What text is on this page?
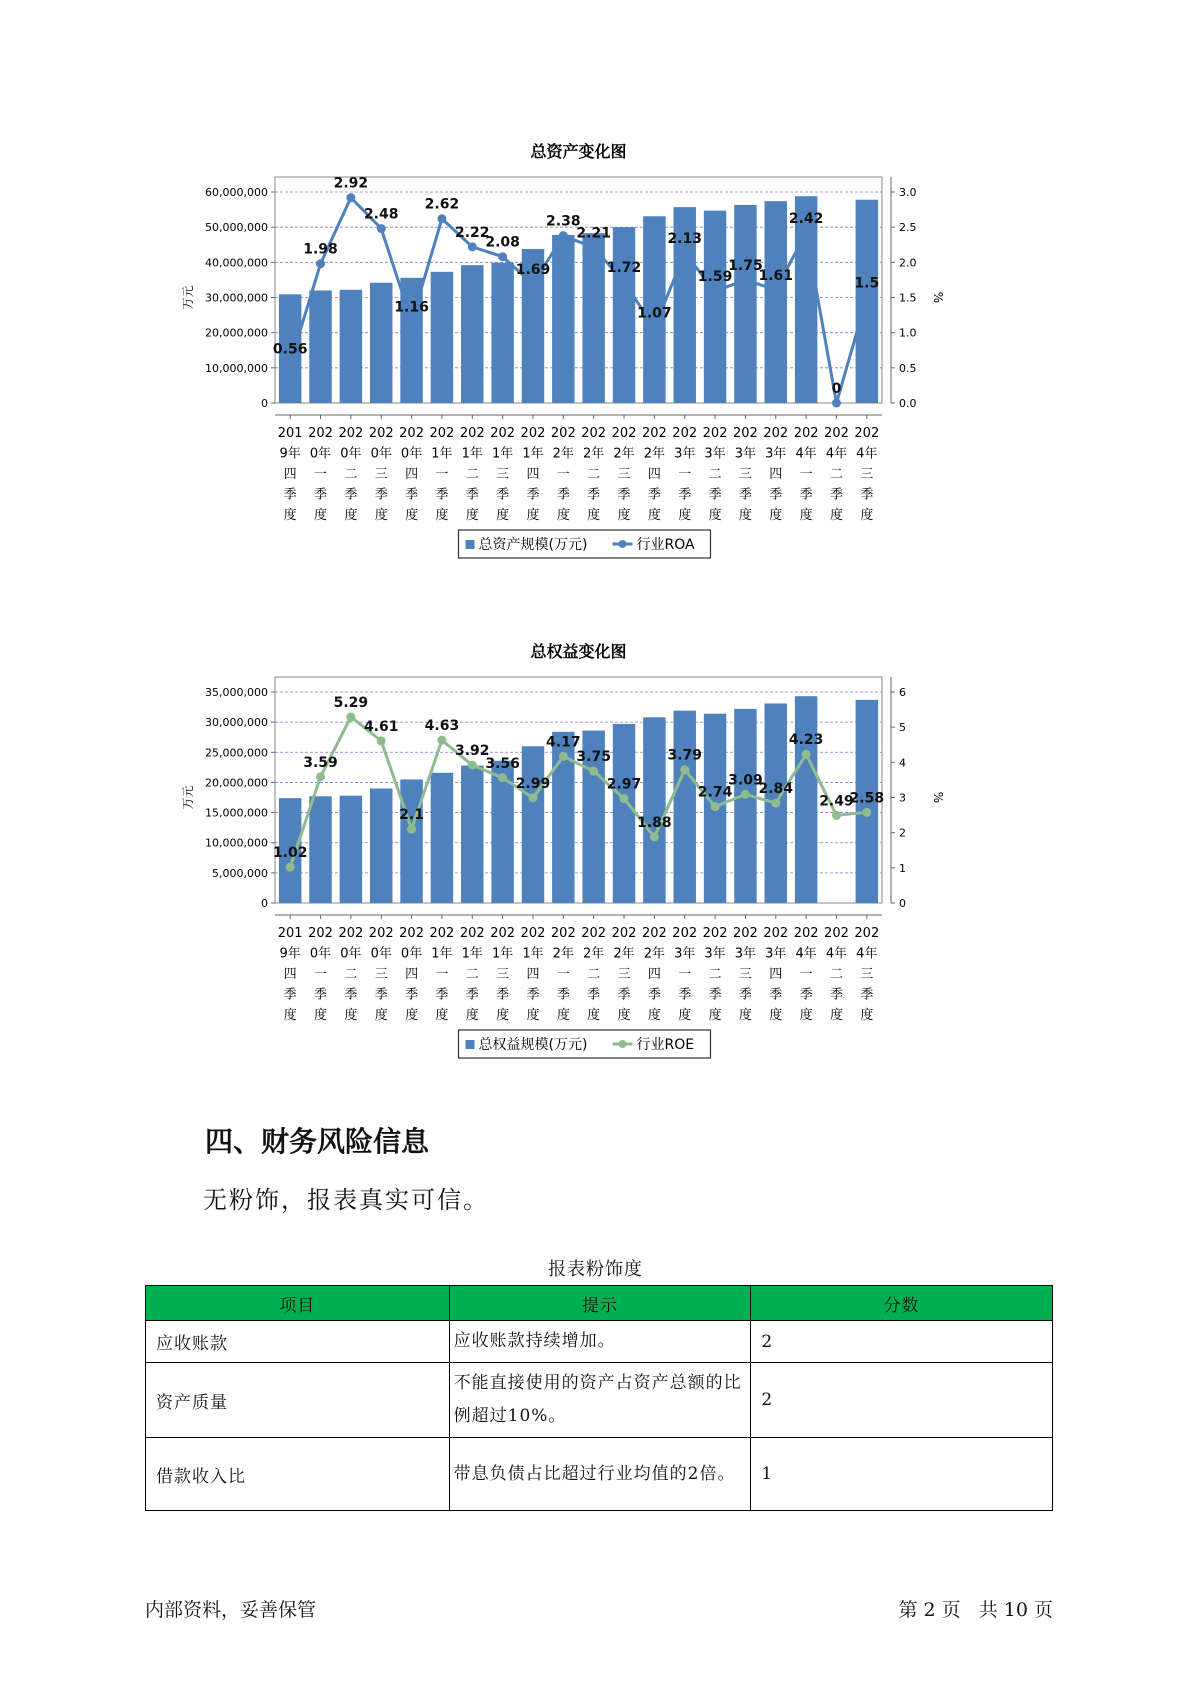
总资产变化图
0
10,000,000
20,000,000
30,000,000
40,000,000
50,000,000
60,000,000
0.0
0.5
1.0
1.5
2.0
2.5
3.0
万元	%
0.56
1.98
2.92
2.48
1.16
2.62
2.22
2.08
1.69
2.38
2.21
1.72
1.07
2.13
1.59
1.75
1.61
2.42
0
1.5
201 9年四季度
202 0年一季度
202 0年二季度
202 0年三季度
202 0年四季度
202 1年一季度
202 1年二季度
202 1年三季度
202 1年四季度
202 2年一季度
202 2年二季度
202 2年三季度
202 2年四季度
202 3年一季度
202 3年二季度
202 3年三季度
202 3年四季度
202 4年一季度
202 4年二季度
202 4年三季度
总资产规模(万元)	行业ROA
总权益变化图
0
5,000,000
10,000,000
15,000,000
20,000,000
25,000,000
30,000,000
35,000,000
0
1
2
3
4
5
6
万元	%
1.02
3.59
5.29
4.61
2.1
4.63
3.92
3.56
2.99
4.17
3.75
2.97
1.88
3.79
2.74
3.09
2.84
4.23
2.49
2.58
201 9年四季度
202 0年一季度
202 0年二季度
202 0年三季度
202 0年四季度
202 1年一季度
202 1年二季度
202 1年三季度
202 1年四季度
202 2年一季度
202 2年二季度
202 2年三季度
202 2年四季度
202 3年一季度
202 3年二季度
202 3年三季度
202 3年四季度
202 4年一季度
202 4年二季度
202 4年三季度
总权益规模(万元)	行业ROE
四、财务风险信息

无粉饰，报表真实可信。

报表粉饰度
项目	提示	分数
应收账款	应收账款持续增加。	2
资产质量	不能直接使用的资产占资产总额的比例超过10%。	2
借款收入比	带息负债占比超过行业均值的2倍。	1
内部资料，妥善保管	第 2 页   共 10 页
